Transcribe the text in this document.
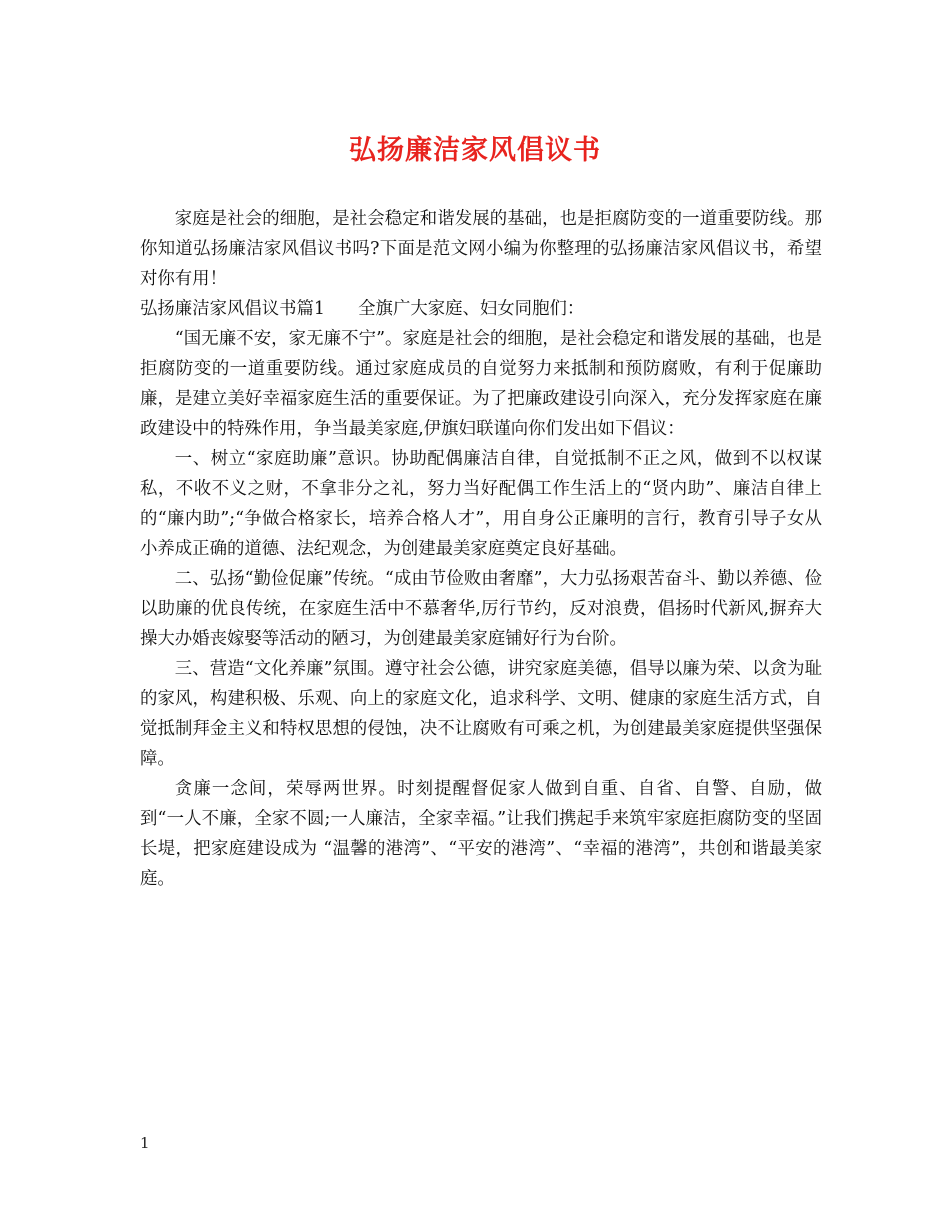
弘扬廉洁家风倡议书

家庭是社会的细胞，是社会稳定和谐发展的基础，也是拒腐防变的一道重要防线。那你知道弘扬廉洁家风倡议书吗?下面是范文网小编为你整理的弘扬廉洁家风倡议书，希望对你有用！

弘扬廉洁家风倡议书篇1 全旗广大家庭、妇女同胞们：

“国无廉不安，家无廉不宁”。家庭是社会的细胞，是社会稳定和谐发展的基础，也是拒腐防变的一道重要防线。通过家庭成员的自觉努力来抵制和预防腐败，有利于促廉助廉，是建立美好幸福家庭生活的重要保证。为了把廉政建设引向深入，充分发挥家庭在廉政建设中的特殊作用，争当最美家庭,伊旗妇联谨向你们发出如下倡议：

一、树立“家庭助廉”意识。协助配偶廉洁自律，自觉抵制不正之风，做到不以权谋私，不收不义之财，不拿非分之礼，努力当好配偶工作生活上的“贤内助”、廉洁自律上的“廉内助”;“争做合格家长，培养合格人才”，用自身公正廉明的言行，教育引导子女从小养成正确的道德、法纪观念，为创建最美家庭奠定良好基础。

二、弘扬“勤俭促廉”传统。“成由节俭败由奢靡”，大力弘扬艰苦奋斗、勤以养德、俭以助廉的优良传统，在家庭生活中不慕奢华,厉行节约，反对浪费，倡扬时代新风,摒弃大操大办婚丧嫁娶等活动的陋习，为创建最美家庭铺好行为台阶。

三、营造“文化养廉”氛围。遵守社会公德，讲究家庭美德，倡导以廉为荣、以贪为耻的家风，构建积极、乐观、向上的家庭文化，追求科学、文明、健康的家庭生活方式，自觉抵制拜金主义和特权思想的侵蚀，决不让腐败有可乘之机，为创建最美家庭提供坚强保障。

贪廉一念间，荣辱两世界。时刻提醒督促家人做到自重、自省、自警、自励，做到“一人不廉，全家不圆;一人廉洁，全家幸福。”让我们携起手来筑牢家庭拒腐防变的坚固长堤，把家庭建设成为 “温馨的港湾”、“平安的港湾”、“幸福的港湾”，共创和谐最美家庭。

1
